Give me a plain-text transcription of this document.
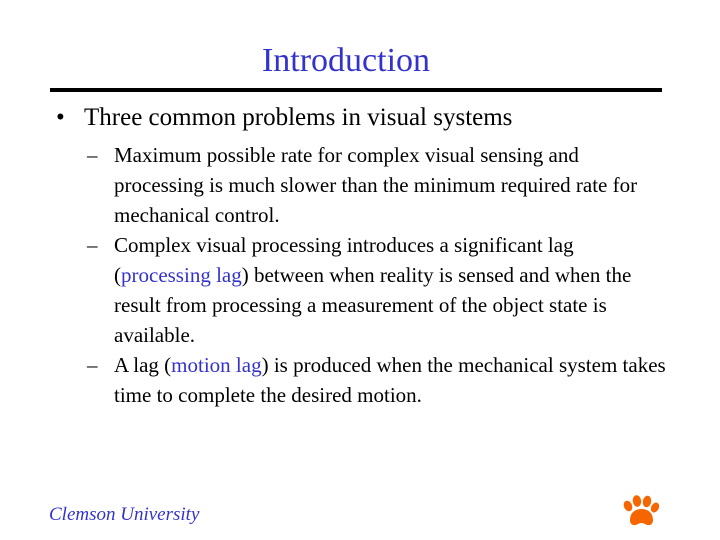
Introduction
• Three common problems in visual systems
– Maximum possible rate for complex visual sensing and processing is much slower than the minimum required rate for mechanical control.
– Complex visual processing introduces a significant lag (processing lag) between when reality is sensed and when the result from processing a measurement of the object state is available.
– A lag (motion lag) is produced when the mechanical system takes time to complete the desired motion.
Clemson University
